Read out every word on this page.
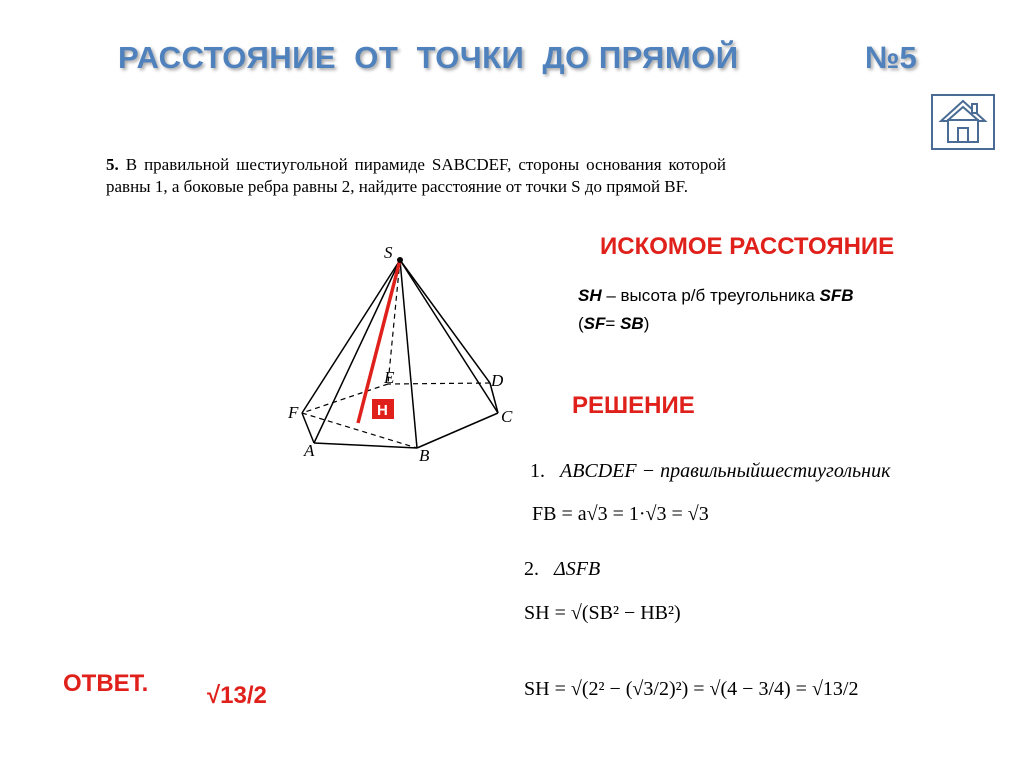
РАССТОЯНИЕ  ОТ  ТОЧКИ  ДО ПРЯМОЙ	№5

5. В правильной шестиугольной пирамиде SABCDEF, стороны основания которой равны 1, а боковые ребра равны 2, найдите расстояние от точки S до прямой BF.

S
E	D
F	C
A	B
H
ИСКОМОЕ РАССТОЯНИЕ
SH – высота р/б треугольника SFB
(SF= SB)
РЕШЕНИЕ
1. ABCDEF − правильныйшестиугольник
FB = a√3 = 1·√3 = √3
2. ΔSFB
SH = √(SB² − HB²)
SH = √(2² − (√3/2)²) = √(4 − 3/4) = √13/2
ОТВЕТ. √13/2
